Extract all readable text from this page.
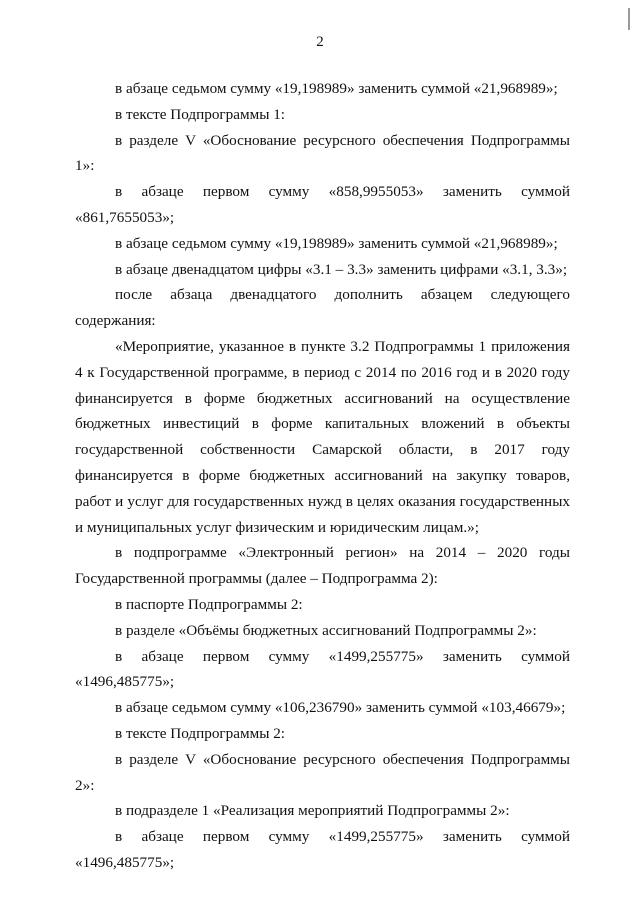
2

в абзаце седьмом сумму «19,198989» заменить суммой «21,968989»;

в тексте Подпрограммы 1:

в разделе V «Обоснование ресурсного обеспечения Подпрограммы 1»:

в абзаце первом сумму «858,9955053» заменить суммой «861,7655053»;

в абзаце седьмом сумму «19,198989» заменить суммой «21,968989»;

в абзаце двенадцатом цифры «3.1 – 3.3» заменить цифрами «3.1, 3.3»;

после абзаца двенадцатого дополнить абзацем следующего содержания:

«Мероприятие, указанное в пункте 3.2 Подпрограммы 1 приложения 4 к Государственной программе, в период с 2014 по 2016 год и в 2020 году финансируется в форме бюджетных ассигнований на осуществление бюджетных инвестиций в форме капитальных вложений в объекты государственной собственности Самарской области, в 2017 году финансируется в форме бюджетных ассигнований на закупку товаров, работ и услуг для государственных нужд в целях оказания государственных и муниципальных услуг физическим и юридическим лицам.»;

в подпрограмме «Электронный регион» на 2014 – 2020 годы Государственной программы (далее – Подпрограмма 2):

в паспорте Подпрограммы 2:

в разделе «Объёмы бюджетных ассигнований Подпрограммы 2»:

в абзаце первом сумму «1499,255775» заменить суммой «1496,485775»;

в абзаце седьмом сумму «106,236790» заменить суммой «103,46679»;

в тексте Подпрограммы 2:

в разделе V «Обоснование ресурсного обеспечения Подпрограммы 2»:

в подразделе 1 «Реализация мероприятий Подпрограммы 2»:

в абзаце первом сумму «1499,255775» заменить суммой «1496,485775»;
